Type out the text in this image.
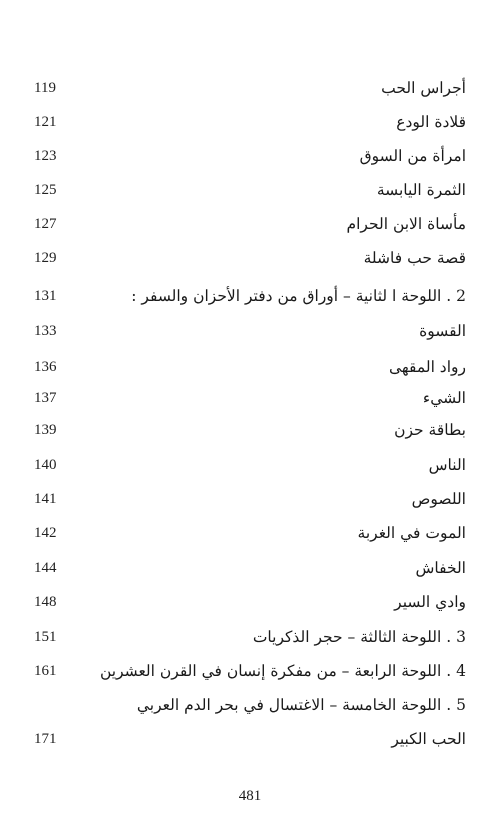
أجراس الحب
119
قلادة الودع
121
امرأة من السوق
123
الثمرة اليابسة
125
مأساة الابن الحرام
127
قصة حب فاشلة
129
2 . اللوحة ا لثانية – أوراق من دفتر الأحزان والسفر :
131
القسوة
133
رواد المقهى
136
الشيء
137
بطاقة حزن
139
الناس
140
اللصوص
141
الموت في الغربة
142
الخفاش
144
وادي السير
148
3 . اللوحة الثالثة – حجر الذكريات
151
4 . اللوحة الرابعة – من مفكرة إنسان في القرن العشرين
161
5 . اللوحة الخامسة – الاغتسال في بحر الدم العربي
الحب الكبير
171
481
